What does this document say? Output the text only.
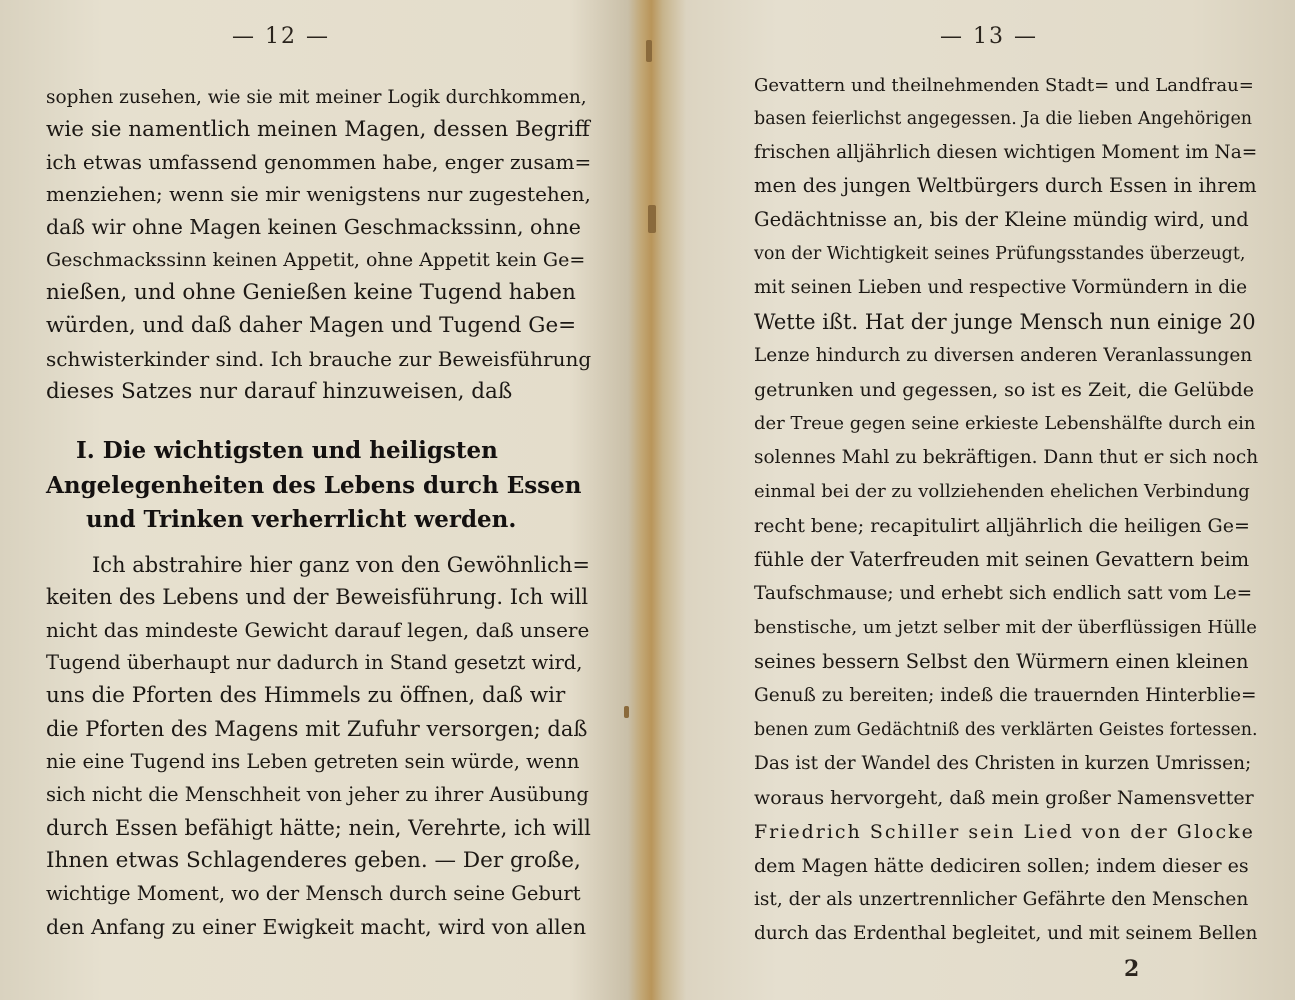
— 12 —
sophen zusehen, wie sie mit meiner Logik durchkommen,
wie sie namentlich meinen Magen, dessen Begriff
ich etwas umfassend genommen habe, enger zusam=
menziehen; wenn sie mir wenigstens nur zugestehen,
daß wir ohne Magen keinen Geschmackssinn, ohne
Geschmackssinn keinen Appetit, ohne Appetit kein Ge=
nießen, und ohne Genießen keine Tugend haben
würden, und daß daher Magen und Tugend Ge=
schwisterkinder sind. Ich brauche zur Beweisführung
dieses Satzes nur darauf hinzuweisen, daß
I. Die wichtigsten und heiligsten
Angelegenheiten des Lebens durch Essen
und Trinken verherrlicht werden.
Ich abstrahire hier ganz von den Gewöhnlich=
keiten des Lebens und der Beweisführung. Ich will
nicht das mindeste Gewicht darauf legen, daß unsere
Tugend überhaupt nur dadurch in Stand gesetzt wird,
uns die Pforten des Himmels zu öffnen, daß wir
die Pforten des Magens mit Zufuhr versorgen; daß
nie eine Tugend ins Leben getreten sein würde, wenn
sich nicht die Menschheit von jeher zu ihrer Ausübung
durch Essen befähigt hätte; nein, Verehrte, ich will
Ihnen etwas Schlagenderes geben. — Der große,
wichtige Moment, wo der Mensch durch seine Geburt
den Anfang zu einer Ewigkeit macht, wird von allen
— 13 —
Gevattern und theilnehmenden Stadt= und Landfrau=
basen feierlichst angegessen. Ja die lieben Angehörigen
frischen alljährlich diesen wichtigen Moment im Na=
men des jungen Weltbürgers durch Essen in ihrem
Gedächtnisse an, bis der Kleine mündig wird, und
von der Wichtigkeit seines Prüfungsstandes überzeugt,
mit seinen Lieben und respective Vormündern in die
Wette ißt. Hat der junge Mensch nun einige 20
Lenze hindurch zu diversen anderen Veranlassungen
getrunken und gegessen, so ist es Zeit, die Gelübde
der Treue gegen seine erkieste Lebenshälfte durch ein
solennes Mahl zu bekräftigen. Dann thut er sich noch
einmal bei der zu vollziehenden ehelichen Verbindung
recht bene; recapitulirt alljährlich die heiligen Ge=
fühle der Vaterfreuden mit seinen Gevattern beim
Taufschmause; und erhebt sich endlich satt vom Le=
benstische, um jetzt selber mit der überflüssigen Hülle
seines bessern Selbst den Würmern einen kleinen
Genuß zu bereiten; indeß die trauernden Hinterblie=
benen zum Gedächtniß des verklärten Geistes fortessen.
Das ist der Wandel des Christen in kurzen Umrissen;
woraus hervorgeht, daß mein großer Namensvetter
Friedrich Schiller sein Lied von der Glocke
dem Magen hätte dediciren sollen; indem dieser es
ist, der als unzertrennlicher Gefährte den Menschen
durch das Erdenthal begleitet, und mit seinem Bellen
2
